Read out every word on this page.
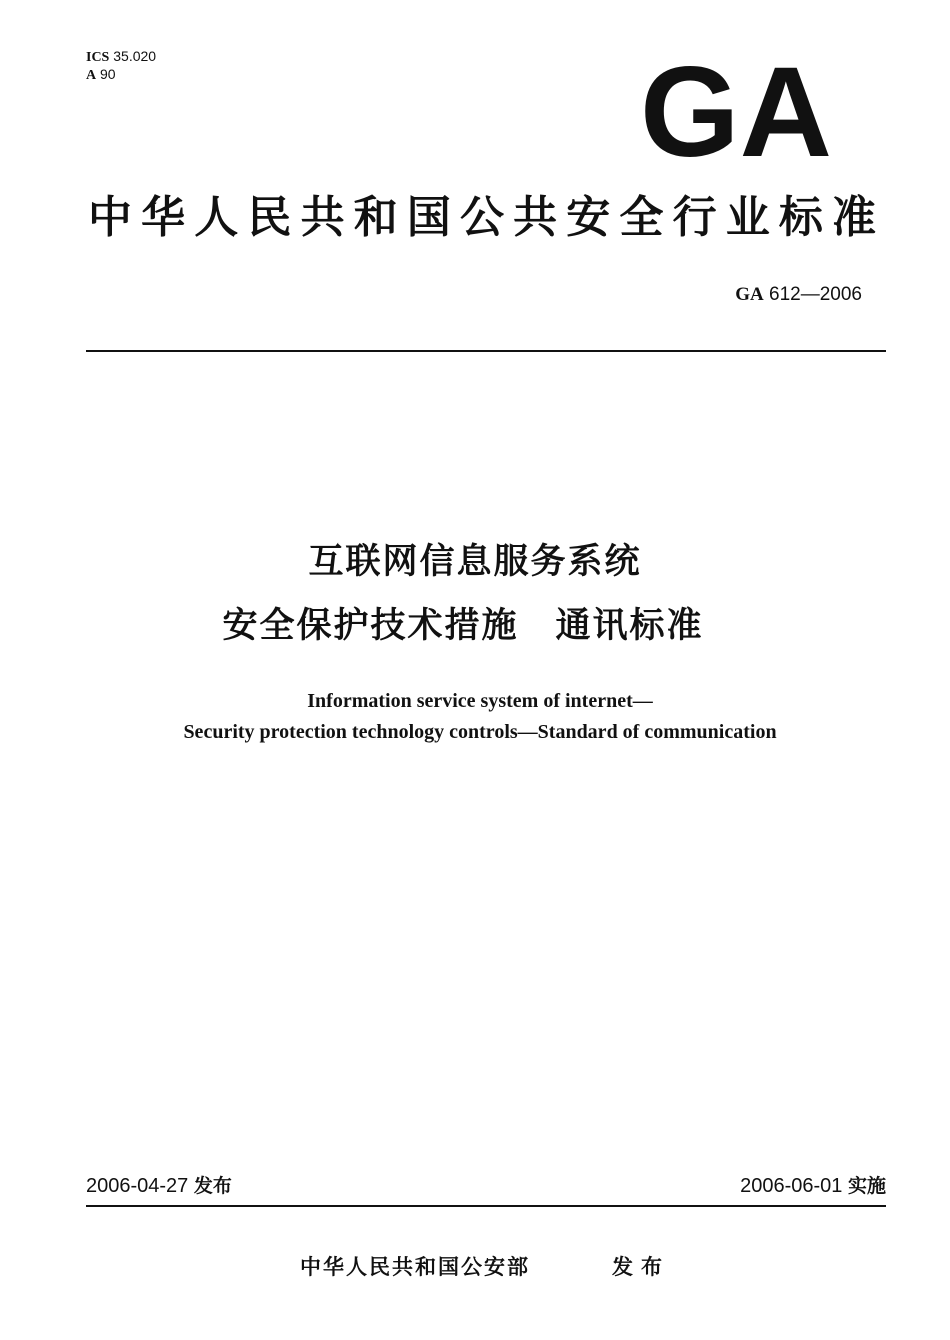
ICS 35.020
A 90	GA
中华人民共和国公共安全行业标准
GA 612—2006
互联网信息服务系统
安全保护技术措施　通讯标准
Information service system of internet—
Security protection technology controls—Standard of communication
2006-04-27 发布	2006-06-01 实施
中华人民共和国公安部	发布
